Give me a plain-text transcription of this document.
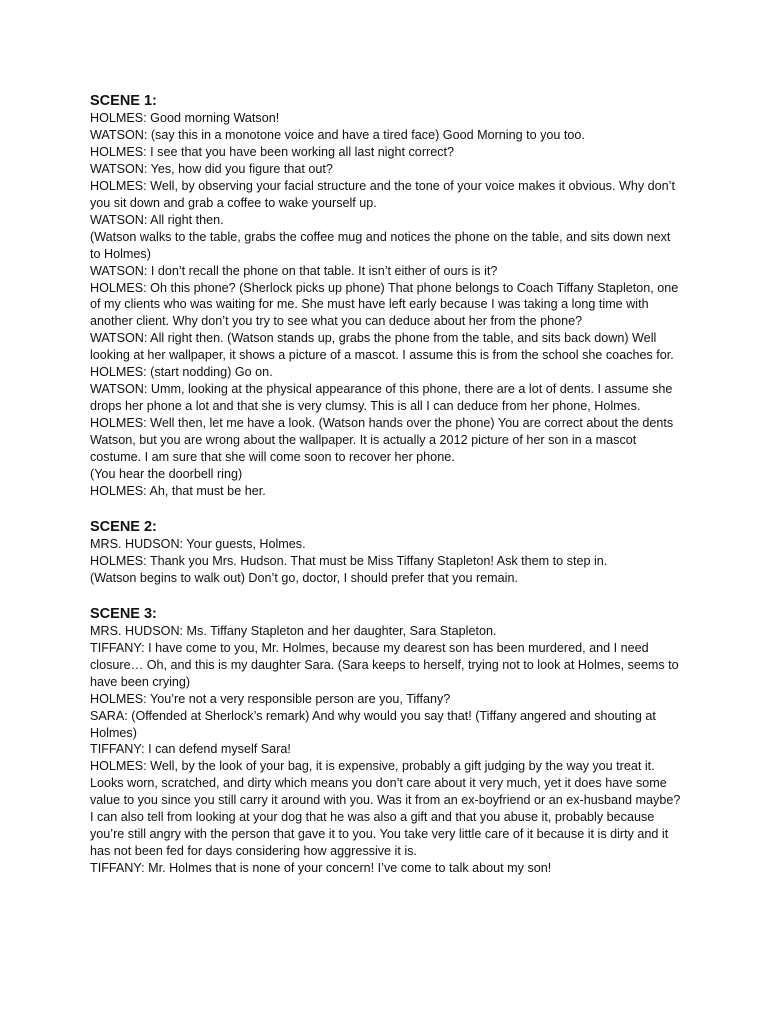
SCENE 1:

HOLMES: Good morning Watson!

WATSON: (say this in a monotone voice and have a tired face) Good Morning to you too.

HOLMES: I see that you have been working all last night correct?

WATSON: Yes, how did you figure that out?

HOLMES: Well, by observing your facial structure and the tone of your voice makes it obvious. Why don’t you sit down and grab a coffee to wake yourself up.

WATSON: All right then.

(Watson walks to the table, grabs the coffee mug and notices the phone on the table, and sits down next to Holmes)

WATSON: I don’t recall the phone on that table. It isn’t either of ours is it?

HOLMES: Oh this phone? (Sherlock picks up phone) That phone belongs to Coach Tiffany Stapleton, one of my clients who was waiting for me. She must have left early because I was taking a long time with another client. Why don’t you try to see what you can deduce about her from the phone?

WATSON: All right then. (Watson stands up, grabs the phone from the table, and sits back down) Well looking at her wallpaper, it shows a picture of a mascot. I assume this is from the school she coaches for.

HOLMES: (start nodding) Go on.

WATSON: Umm, looking at the physical appearance of this phone, there are a lot of dents. I assume she drops her phone a lot and that she is very clumsy. This is all I can deduce from her phone, Holmes.

HOLMES: Well then, let me have a look. (Watson hands over the phone) You are correct about the dents Watson, but you are wrong about the wallpaper. It is actually a 2012 picture of her son in a mascot costume. I am sure that she will come soon to recover her phone.

(You hear the doorbell ring)

HOLMES: Ah, that must be her.

SCENE 2:

MRS. HUDSON: Your guests, Holmes.

HOLMES: Thank you Mrs. Hudson. That must be Miss Tiffany Stapleton! Ask them to step in.

(Watson begins to walk out) Don’t go, doctor, I should prefer that you remain.

SCENE 3:

MRS. HUDSON: Ms. Tiffany Stapleton and her daughter, Sara Stapleton.

TIFFANY: I have come to you, Mr. Holmes, because my dearest son has been murdered, and I need closure… Oh, and this is my daughter Sara. (Sara keeps to herself, trying not to look at Holmes, seems to have been crying)

HOLMES: You’re not a very responsible person are you, Tiffany?

SARA: (Offended at Sherlock’s remark) And why would you say that! (Tiffany angered and shouting at Holmes)

TIFFANY: I can defend myself Sara!

HOLMES: Well, by the look of your bag, it is expensive, probably a gift judging by the way you treat it. Looks worn, scratched, and dirty which means you don’t care about it very much, yet it does have some value to you since you still carry it around with you. Was it from an ex-boyfriend or an ex-husband maybe? I can also tell from looking at your dog that he was also a gift and that you abuse it, probably because you’re still angry with the person that gave it to you. You take very little care of it because it is dirty and it has not been fed for days considering how aggressive it is.

TIFFANY: Mr. Holmes that is none of your concern! I’ve come to talk about my son!
